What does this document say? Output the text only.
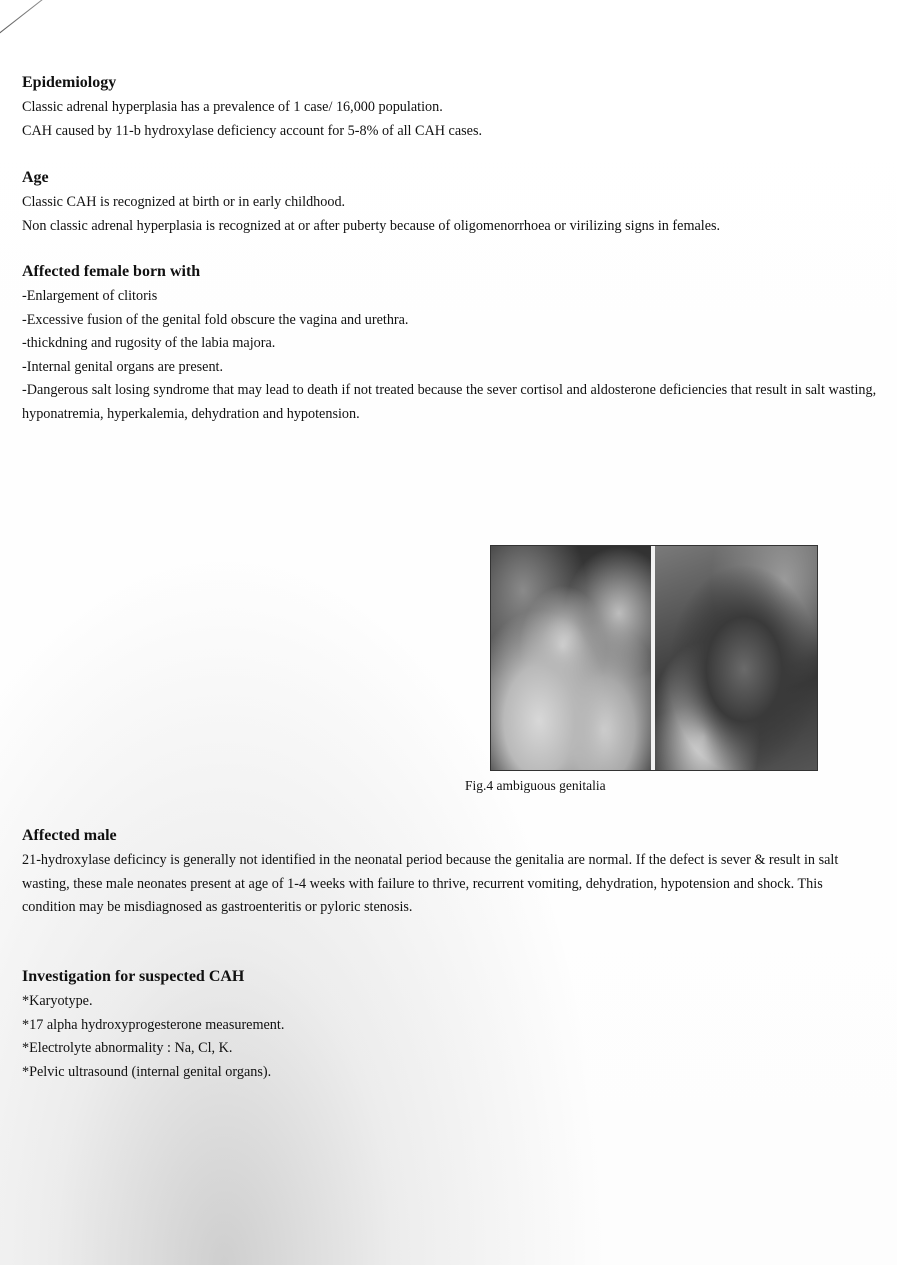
Epidemiology

Classic adrenal hyperplasia has a prevalence of 1 case/ 16,000 population.

CAH caused by 11-b hydroxylase deficiency account for 5-8% of all CAH cases.

Age

Classic CAH is recognized at birth or in early childhood.

Non classic adrenal hyperplasia is recognized at or after puberty because of oligomenorrhoea or virilizing signs in females.

Affected female born with

-Enlargement of clitoris

-Excessive fusion of the genital fold obscure the vagina and urethra.

-thickdning and rugosity of the labia majora.

-Internal genital organs are present.

-Dangerous salt losing syndrome that may lead to death if not treated because the sever cortisol and aldosterone deficiencies that result in salt wasting, hyponatremia, hyperkalemia, dehydration and hypotension.

Fig.4 ambiguous genitalia
Affected male

21-hydroxylase deficincy is generally not identified in the neonatal period because the genitalia are normal. If the defect is sever & result in salt wasting, these male neonates present at age of 1-4 weeks with failure to thrive, recurrent vomiting, dehydration, hypotension and shock. This condition may be misdiagnosed as gastroenteritis or pyloric stenosis.

Investigation for suspected CAH

*Karyotype.

*17 alpha hydroxyprogesterone measurement.

*Electrolyte abnormality : Na, Cl, K.

*Pelvic ultrasound (internal genital organs).
